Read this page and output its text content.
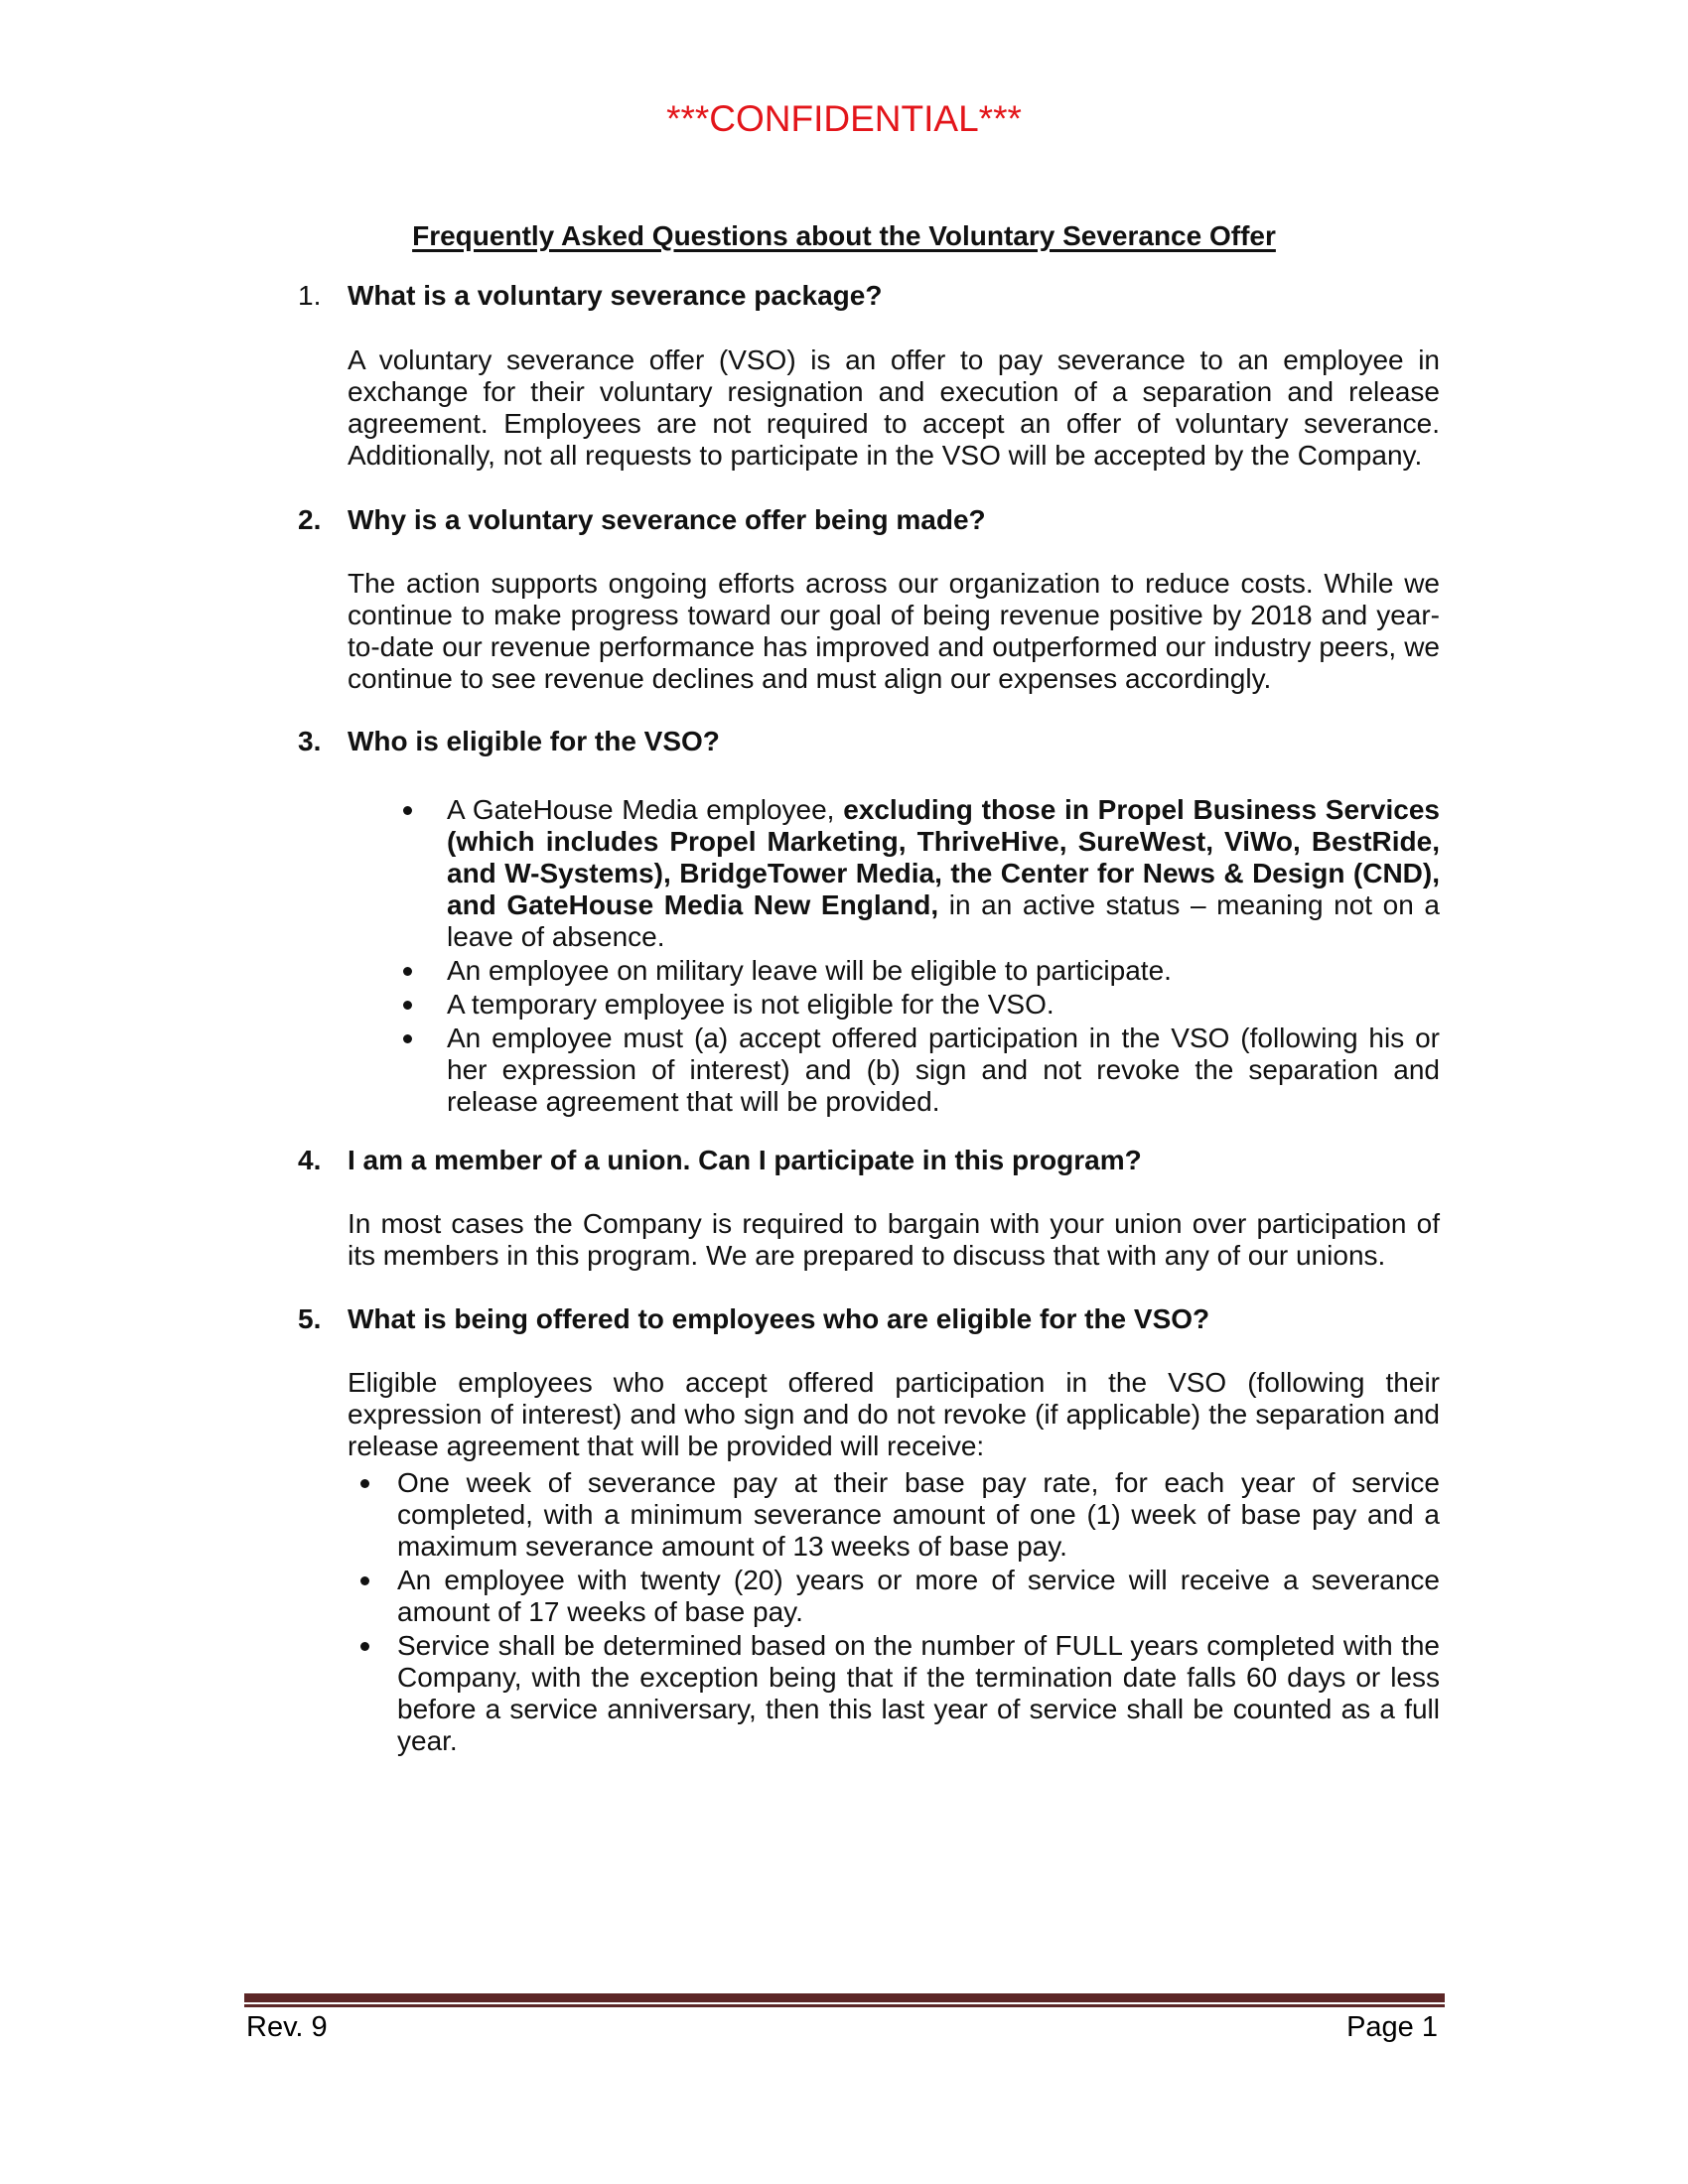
***CONFIDENTIAL***
Frequently Asked Questions about the Voluntary Severance Offer
1. What is a voluntary severance package?
A voluntary severance offer (VSO) is an offer to pay severance to an employee in exchange for their voluntary resignation and execution of a separation and release agreement. Employees are not required to accept an offer of voluntary severance. Additionally, not all requests to participate in the VSO will be accepted by the Company.
2. Why is a voluntary severance offer being made?
The action supports ongoing efforts across our organization to reduce costs. While we continue to make progress toward our goal of being revenue positive by 2018 and year-to-date our revenue performance has improved and outperformed our industry peers, we continue to see revenue declines and must align our expenses accordingly.
3. Who is eligible for the VSO?
A GateHouse Media employee, excluding those in Propel Business Services (which includes Propel Marketing, ThriveHive, SureWest, ViWo, BestRide, and W-Systems), BridgeTower Media, the Center for News & Design (CND), and GateHouse Media New England, in an active status – meaning not on a leave of absence.
An employee on military leave will be eligible to participate.
A temporary employee is not eligible for the VSO.
An employee must (a) accept offered participation in the VSO (following his or her expression of interest) and (b) sign and not revoke the separation and release agreement that will be provided.
4. I am a member of a union. Can I participate in this program?
In most cases the Company is required to bargain with your union over participation of its members in this program. We are prepared to discuss that with any of our unions.
5. What is being offered to employees who are eligible for the VSO?
Eligible employees who accept offered participation in the VSO (following their expression of interest) and who sign and do not revoke (if applicable) the separation and release agreement that will be provided will receive:
One week of severance pay at their base pay rate, for each year of service completed, with a minimum severance amount of one (1) week of base pay and a maximum severance amount of 13 weeks of base pay.
An employee with twenty (20) years or more of service will receive a severance amount of 17 weeks of base pay.
Service shall be determined based on the number of FULL years completed with the Company, with the exception being that if the termination date falls 60 days or less before a service anniversary, then this last year of service shall be counted as a full year.
Rev. 9	Page 1
